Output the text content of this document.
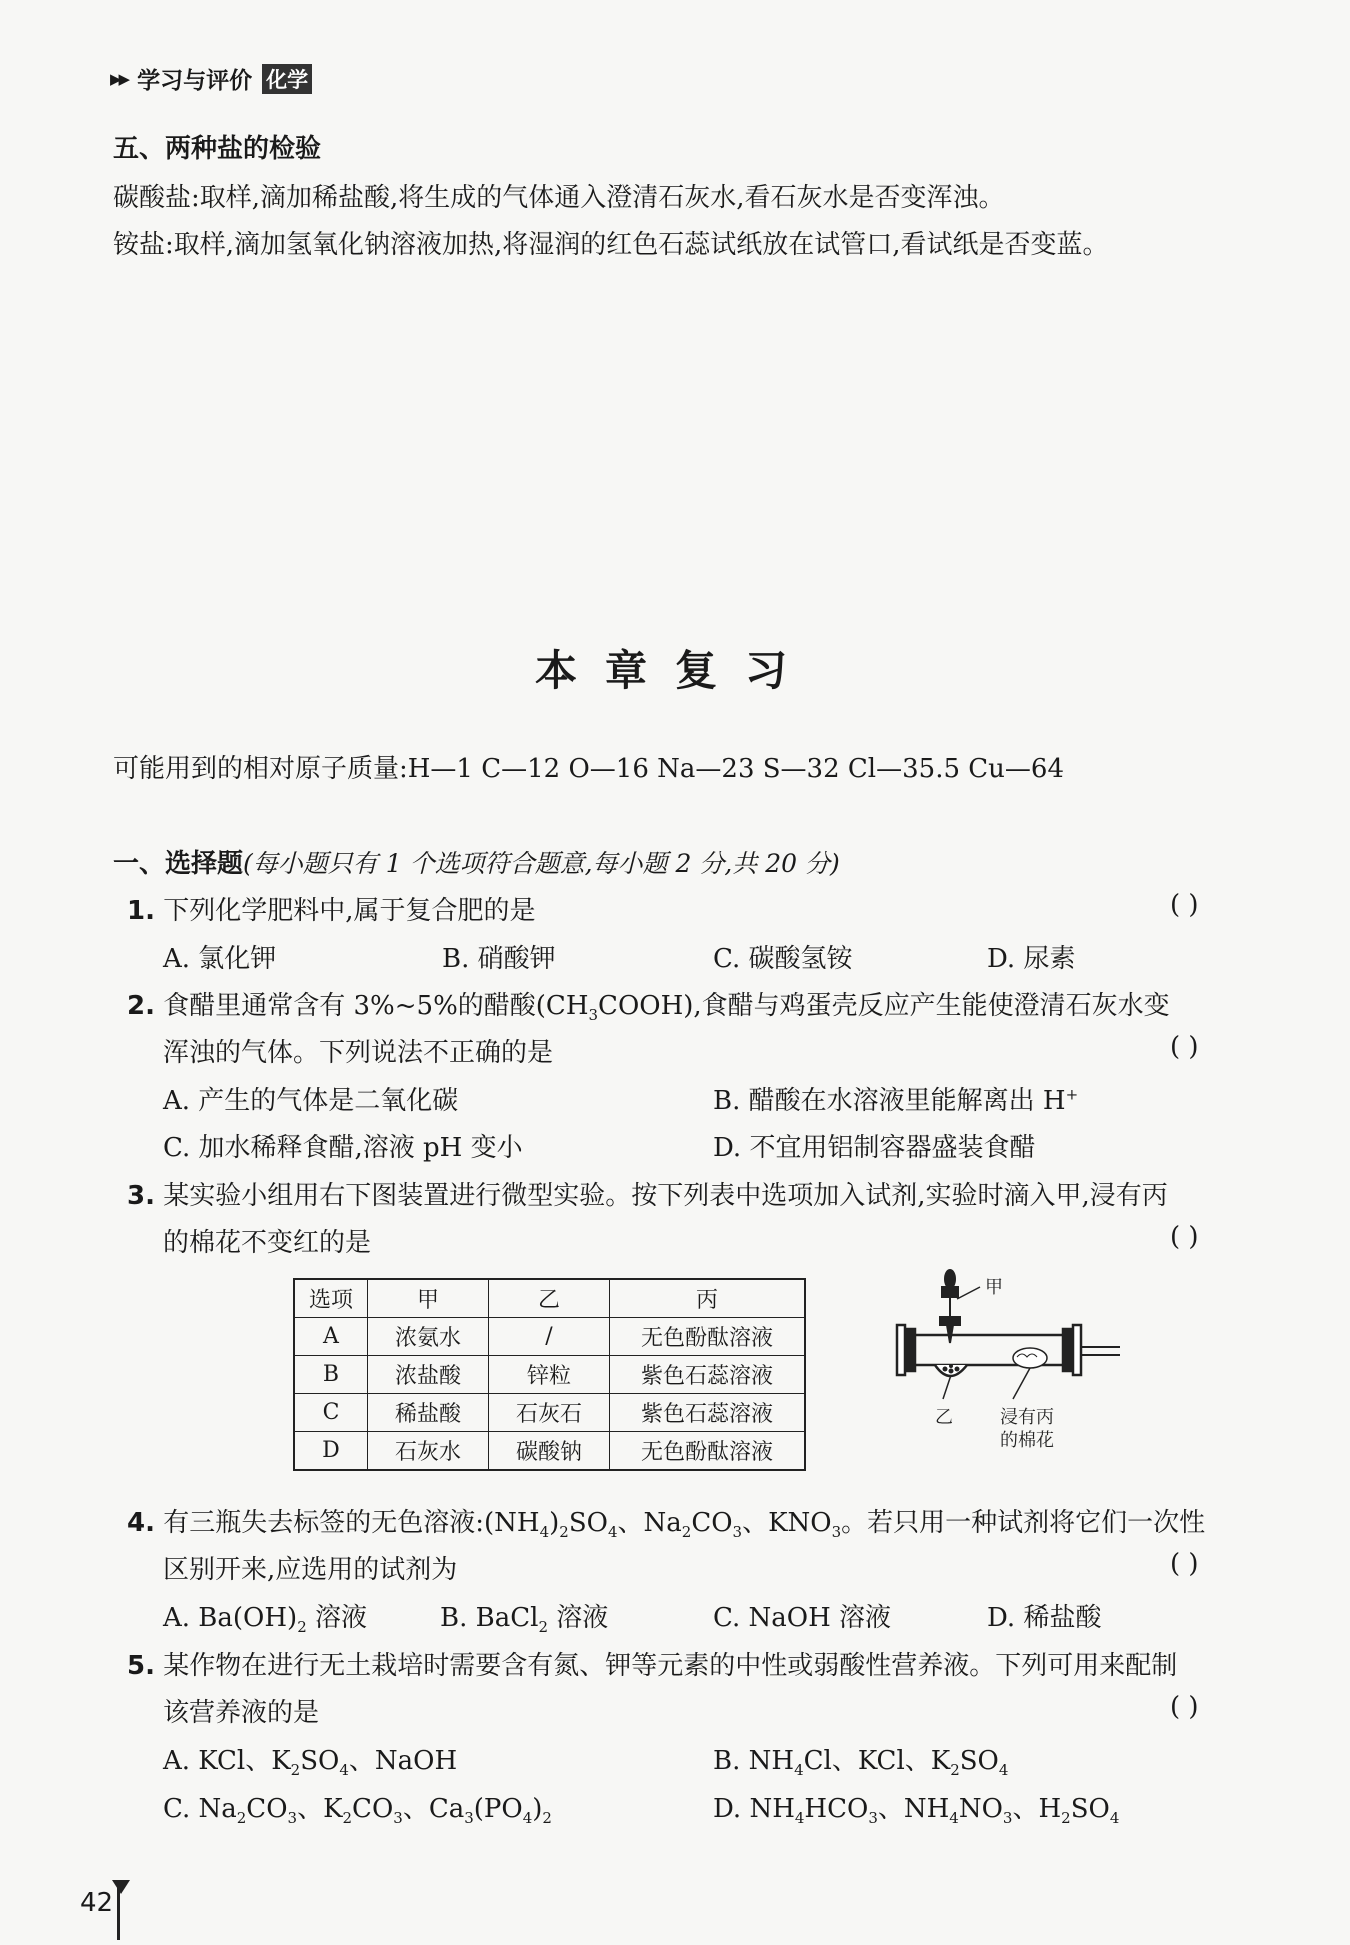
▶▶ 学习与评价 化学
五、两种盐的检验
碳酸盐:取样,滴加稀盐酸,将生成的气体通入澄清石灰水,看石灰水是否变浑浊。
铵盐:取样,滴加氢氧化钠溶液加热,将湿润的红色石蕊试纸放在试管口,看试纸是否变蓝。
本章复习
可能用到的相对原子质量:H—1 C—12 O—16 Na—23 S—32 Cl—35.5 Cu—64
一、选择题(每小题只有 1 个选项符合题意,每小题 2 分,共 20 分)
1. 下列化学肥料中,属于复合肥的是	( )
A. 氯化钾	B. 硝酸钾	C. 碳酸氢铵	D. 尿素
2. 食醋里通常含有 3%~5%的醋酸$(CH_3COOH)$,食醋与鸡蛋壳反应产生能使澄清石灰水变
浑浊的气体。下列说法不正确的是	( )
A. 产生的气体是二氧化碳	B. 醋酸在水溶液里能解离出 H+
C. 加水稀释食醋,溶液 pH 变小	D. 不宜用铝制容器盛装食醋
3. 某实验小组用右下图装置进行微型实验。按下列表中选项加入试剂,实验时滴入甲,浸有丙
的棉花不变红的是	( )
选项	甲	乙	丙
A	浓氨水	/	无色酚酞溶液
B	浓盐酸	锌粒	紫色石蕊溶液
C	稀盐酸	石灰石	紫色石蕊溶液
D	石灰水	碳酸钠	无色酚酞溶液
甲
乙	浸有丙
的棉花
4. 有三瓶失去标签的无色溶液$:(NH_4)_2SO_4$、$Na_2CO_3$、$KNO_3$。若只用一种试剂将它们一次性
区别开来,应选用的试剂为	( )
A. $Ba(OH)_2$ 溶液	B. BaCl$_2$ 溶液	C. NaOH 溶液	D. 稀盐酸
5. 某作物在进行无土栽培时需要含有氮、钾等元素的中性或弱酸性营养液。下列可用来配制
该营养液的是	( )
A. KCl、$K_2SO_4$、NaOH	B. $NH_4Cl$、KCl、$K_2SO_4$
C. $Na_2CO_3$、$K_2CO_3$、$Ca_3(PO_4)_2$	D. $NH_4HCO_3$、$NH_4NO_3$、$H_2SO_4$
42
